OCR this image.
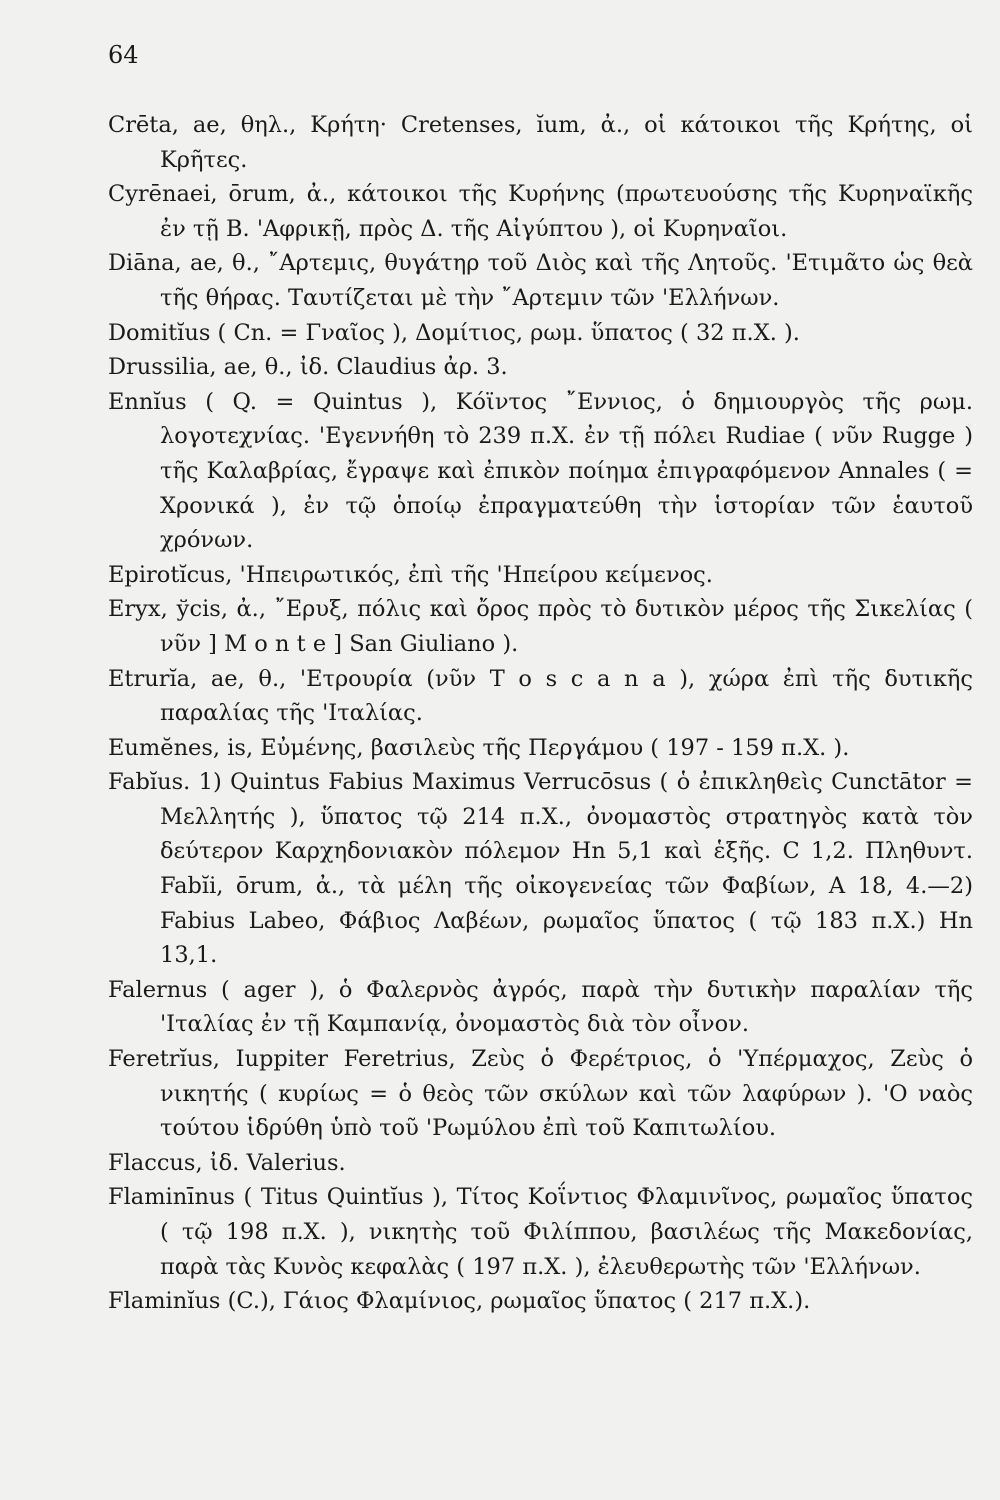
64

Crēta, ae, θηλ., Κρήτη· Cretenses, ĭum, ἀ., οἱ κάτοικοι τῆς Κρήτης, οἱ Κρῆτες.

Cyrēnaei, ōrum, ἀ., κάτοικοι τῆς Κυρήνης (πρωτευούσης τῆς Κυρηναϊκῆς ἐν τῇ Β. 'Αφρικῇ, πρὸς Δ. τῆς Αἰγύπτου ), οἱ Κυρηναῖοι.

Diāna, ae, θ., ῎Αρτεμις, θυγάτηρ τοῦ Διὸς καὶ τῆς Λητοῦς. 'Ετιμᾶτο ὡς θεὰ τῆς θήρας. Ταυτίζεται μὲ τὴν ῎Αρτεμιν τῶν 'Ελλήνων.

Domitĭus ( Cn. = Γναῖος ), Δομίτιος, ρωμ. ὕπατος ( 32 π.Χ. ).

Drussilia, ae, θ., ἰδ. Claudius ἀρ. 3.

Ennĭus ( Q. = Quintus ), Κόϊντος ῎Εννιος, ὁ δημιουργὸς τῆς ρωμ. λογοτεχνίας. 'Εγεννήθη τὸ 239 π.Χ. ἐν τῇ πόλει Rudiae ( νῦν Rugge ) τῆς Καλαβρίας, ἔγραψε καὶ ἐπικὸν ποίημα ἐπιγραφόμενον Annales ( = Χρονικά ), ἐν τῷ ὁποίῳ ἐπραγματεύθη τὴν ἱστορίαν τῶν ἑαυτοῦ χρόνων.

Epirotĭcus, 'Ηπειρωτικός, ἐπὶ τῆς 'Ηπείρου κείμενος.

Eryx, ўcis, ἀ., ῎Ερυξ, πόλις καὶ ὄρος πρὸς τὸ δυτικὸν μέρος τῆς Σικελίας ( νῦν ] M o n t e ] San Giuliano ).

Etrurĭa, ae, θ., 'Ετρουρία (νῦν T o s c a n a ), χώρα ἐπὶ τῆς δυτικῆς παραλίας τῆς 'Ιταλίας.

Eumĕnes, is, Εὐμένης, βασιλεὺς τῆς Περγάμου ( 197 - 159 π.Χ. ).

Fabĭus. 1) Quintus Fabius Maximus Verrucōsus ( ὁ ἐπικληθεὶς Cunctātor = Μελλητής ), ὕπατος τῷ 214 π.Χ., ὀνομαστὸς στρατηγὸς κατὰ τὸν δεύτερον Καρχηδονιακὸν πόλεμον Hn 5,1 καὶ ἑξῆς. C 1,2. Πληθυντ. Fabĭi, ōrum, ἀ., τὰ μέλη τῆς οἰκογενείας τῶν Φαβίων, A 18, 4.—2) Fabius Labeo, Φάβιος Λαβέων, ρωμαῖος ὕπατος ( τῷ 183 π.Χ.) Hn 13,1.

Falernus ( ager ), ὁ Φαλερνὸς ἀγρός, παρὰ τὴν δυτικὴν παραλίαν τῆς 'Ιταλίας ἐν τῇ Καμπανίᾳ, ὀνομαστὸς διὰ τὸν οἶνον.

Feretrĭus, Iuppiter Feretrius, Ζεὺς ὁ Φερέτριος, ὁ 'Υπέρμαχος, Ζεὺς ὁ νικητής ( κυρίως = ὁ θεὸς τῶν σκύλων καὶ τῶν λαφύρων ). 'Ο ναὸς τούτου ἱδρύθη ὑπὸ τοῦ 'Ρωμύλου ἐπὶ τοῦ Καπιτωλίου.

Flaccus, ἰδ. Valerius.

Flaminīnus ( Titus Quintĭus ), Τίτος Κοΐντιος Φλαμινῖνος, ρωμαῖος ὕπατος ( τῷ 198 π.Χ. ), νικητὴς τοῦ Φιλίππου, βασιλέως τῆς Μακεδονίας, παρὰ τὰς Κυνὸς κεφαλὰς ( 197 π.Χ. ), ἐλευθερωτὴς τῶν 'Ελλήνων.

Flaminĭus (C.), Γάιος Φλαμίνιος, ρωμαῖος ὕπατος ( 217 π.Χ.).
